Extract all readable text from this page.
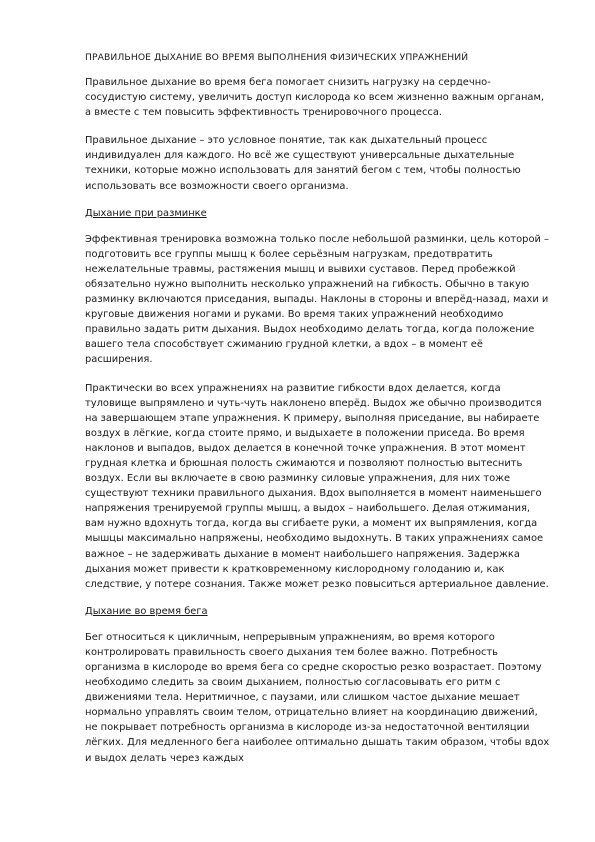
ПРАВИЛЬНОЕ ДЫХАНИЕ ВО ВРЕМЯ ВЫПОЛНЕНИЯ ФИЗИЧЕСКИХ УПРАЖНЕНИЙ

Правильное дыхание во время бега помогает снизить нагрузку на сердечно-сосудистую систему, увеличить доступ кислорода ко всем жизненно важным органам, а вместе с тем повысить эффективность тренировочного процесса.

Правильное дыхание – это условное понятие, так как дыхательный процесс индивидуален для каждого. Но всё же существуют универсальные дыхательные техники, которые можно использовать для занятий бегом с тем, чтобы полностью использовать все возможности своего организма.

Дыхание при разминке

Эффективная тренировка возможна только после небольшой разминки, цель которой – подготовить все группы мышц к более серьёзным нагрузкам, предотвратить нежелательные травмы, растяжения мышц и вывихи суставов. Перед пробежкой обязательно нужно выполнить несколько упражнений на гибкость. Обычно в такую разминку включаются приседания, выпады. Наклоны в стороны и вперёд-назад, махи и круговые движения ногами и руками. Во время таких упражнений необходимо правильно задать ритм дыхания. Выдох необходимо делать тогда, когда положение вашего тела способствует сжиманию грудной клетки, а вдох – в момент её расширения.

Практически во всех упражнениях на развитие гибкости вдох делается, когда туловище выпрямлено и чуть-чуть наклонено вперёд. Выдох же обычно производится на завершающем этапе упражнения. К примеру, выполняя приседание, вы набираете воздух в лёгкие, когда стоите прямо, и выдыхаете в положении приседа. Во время наклонов и выпадов, выдох делается в конечной точке упражнения. В этот момент грудная клетка и брюшная полость сжимаются и позволяют полностью вытеснить воздух. Если вы включаете в свою разминку силовые упражнения, для них тоже существуют техники правильного дыхания. Вдох выполняется в момент наименьшего напряжения тренируемой группы мышц, а выдох – наибольшего. Делая отжимания, вам нужно вдохнуть тогда, когда вы сгибаете руки, а момент их выпрямления, когда мышцы максимально напряжены, необходимо выдохнуть. В таких упражнениях самое важное – не задерживать дыхание в момент наибольшего напряжения. Задержка дыхания может привести к кратковременному кислородному голоданию и, как следствие, у потере сознания. Также может резко повыситься артериальное давление.

Дыхание во время бега

Бег относиться к цикличным, непрерывным упражнениям, во время которого контролировать правильность своего дыхания тем более важно. Потребность организма в кислороде во время бега со средне скоростью резко возрастает. Поэтому необходимо следить за своим дыханием, полностью согласовывать его ритм с движениями тела. Неритмичное, с паузами, или слишком частое дыхание мешает нормально управлять своим телом, отрицательно влияет на координацию движений, не покрывает потребность организма в кислороде из-за недостаточной вентиляции лёгких. Для медленного бега наиболее оптимально дышать таким образом, чтобы вдох и выдох делать через каждых
